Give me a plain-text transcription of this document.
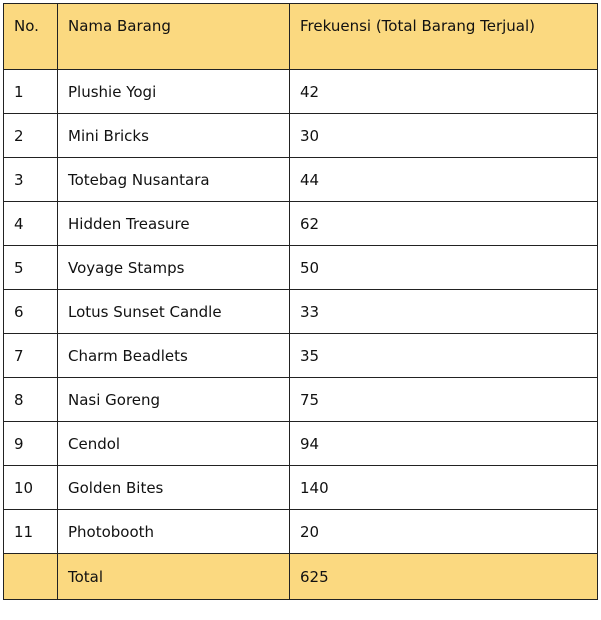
No.	Nama Barang	Frekuensi (Total Barang Terjual)
1	Plushie Yogi	42
2	Mini Bricks	30
3	Totebag Nusantara	44
4	Hidden Treasure	62
5	Voyage Stamps	50
6	Lotus Sunset Candle	33
7	Charm Beadlets	35
8	Nasi Goreng	75
9	Cendol	94
10	Golden Bites	140
11	Photobooth	20
	Total	625
